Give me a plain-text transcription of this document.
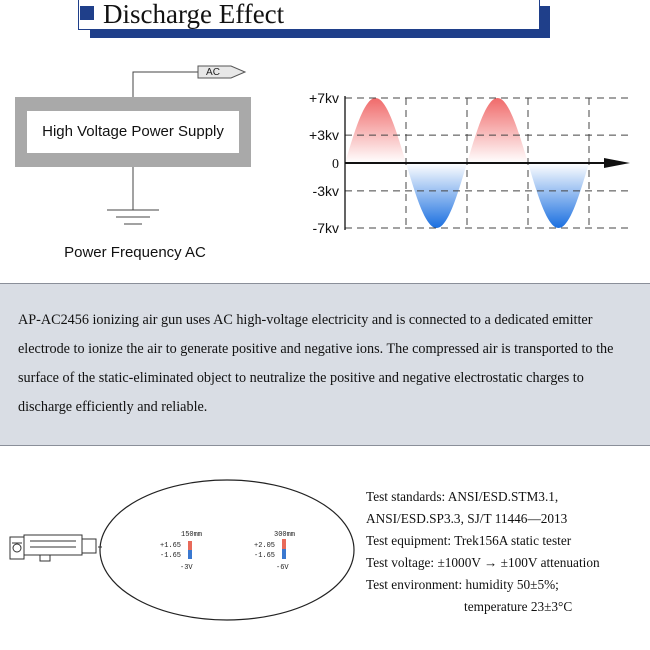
Discharge Effect
High Voltage Power Supply
AC
Power Frequency AC
+7kv
+3kv
0
-3kv
-7kv
AP-AC2456 ionizing air gun uses AC high-voltage electricity and is connected to a dedicated emitter electrode to ionize the air to generate positive and negative ions. The compressed air is transported to the surface of the static-eliminated object to neutralize the positive and negative electrostatic charges to discharge efficiently and reliable.
150mm
+1.65
-1.65
-3V
300mm
+2.05
-1.65
-6V
Test standards: ANSI/ESD.STM3.1,
ANSI/ESD.SP3.3, SJ/T 11446—2013
Test equipment: Trek156A static tester
Test voltage: ±1000V → ±100V attenuation
Test environment: humidity 50±5%;
temperature 23±3°C
